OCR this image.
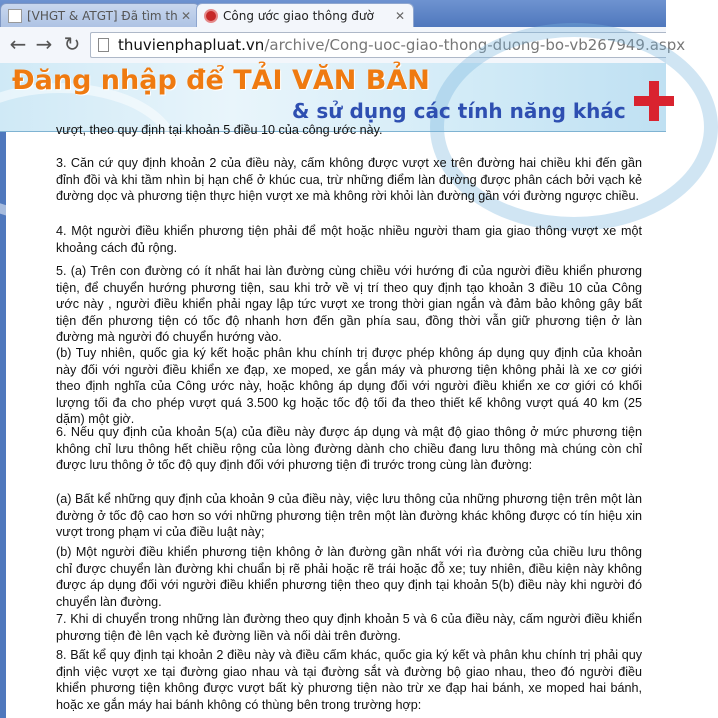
[VHGT & ATGT] Đã tìm th ✕	Công ước giao thông đườ	✕
← → ↻	thuvienphapluat.vn/archive/Cong-uoc-giao-thong-duong-bo-vb267949.aspx
Đăng nhập để TẢI VĂN BẢN
& sử dụng các tính năng khác

vượt, theo quy định tại khoản 5 điều 10 của công ước này.

3. Căn cứ quy định khoản 2 của điều này, cấm không được vượt xe trên đường hai chiều khi đến gần đỉnh đồi và khi tầm nhìn bị hạn chế ở khúc cua, trừ những điểm làn đường được phân cách bởi vạch kẻ đường dọc và phương tiện thực hiện vượt xe mà không rời khỏi làn đường gần với đường ngược chiều.

4. Một người điều khiển phương tiện phải để một hoặc nhiều người tham gia giao thông vượt xe một khoảng cách đủ rộng.

5. (a) Trên con đường có ít nhất hai làn đường cùng chiều với hướng đi của người điều khiển phương tiện, để chuyển hướng phương tiện, sau khi trở về vị trí theo quy định tạo khoản 3 điều 10 của Công ước này , người điều khiển phải ngay lập tức vượt xe trong thời gian ngắn và đảm bảo không gây bất tiện đến phương tiện có tốc độ nhanh hơn đến gần phía sau, đồng thời vẫn giữ phương tiện ở làn đường mà người đó chuyển hướng vào.

(b) Tuy nhiên, quốc gia ký kết hoặc phân khu chính trị được phép không áp dụng quy định của khoản này đối với người điều khiển xe đạp, xe moped, xe gắn máy và phương tiện không phải là xe cơ giới theo định nghĩa của Công ước này, hoặc không áp dụng đối với người điều khiển xe cơ giới có khối lượng tối đa cho phép vượt quá 3.500 kg hoặc tốc độ tối đa theo thiết kế không vượt quá 40 km (25 dặm) một giờ.

6. Nếu quy định của khoản 5(a) của điều này được áp dụng và mật độ giao thông ở mức phương tiện không chỉ lưu thông hết chiều rộng của lòng đường dành cho chiều đang lưu thông mà chúng còn chỉ được lưu thông ở tốc độ quy định đối với phương tiện đi trước trong cùng làn đường:

(a) Bất kể những quy định của khoản 9 của điều này, việc lưu thông của những phương tiện trên một làn đường ở tốc độ cao hơn so với những phương tiện trên một làn đường khác không được có tín hiệu xin vượt trong phạm vi của điều luật này;

(b) Một người điều khiển phương tiện không ở làn đường gần nhất với rìa đường của chiều lưu thông chỉ được chuyển làn đường khi chuẩn bị rẽ phải hoặc rẽ trái hoặc đỗ xe; tuy nhiên, điều kiện này không được áp dụng đối với người điều khiển phương tiện theo quy định tại khoản 5(b) điều này khi người đó chuyển làn đường.

7. Khi di chuyển trong những làn đường theo quy định khoản 5 và 6 của điều này, cấm người điều khiển phương tiện đè lên vạch kẻ đường liền và nối dài trên đường.

8. Bất kể quy định tại khoản 2 điều này và điều cấm khác, quốc gia ký kết và phân khu chính trị phải quy định việc vượt xe tại đường giao nhau và tại đường sắt và đường bộ giao nhau, theo đó người điều khiển phương tiện không được vượt bất kỳ phương tiện nào trừ xe đạp hai bánh, xe moped hai bánh, hoặc xe gắn máy hai bánh không có thùng bên trong trường hợp:
